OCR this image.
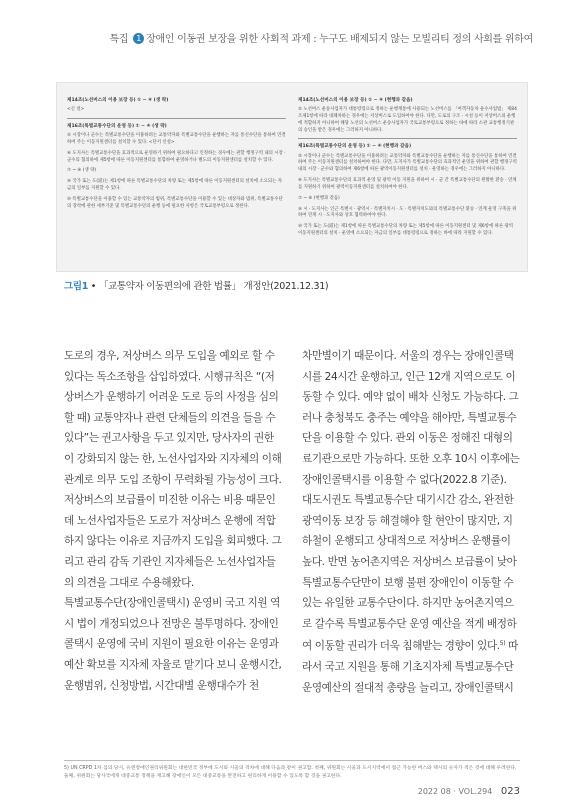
특집 1 장애인 이동권 보장을 위한 사회적 과제 : 누구도 배제되지 않는 모빌리티 정의 사회를 위하여
제14조(노선버스의 이용 보장 등) ① ~ ④ (생 략)
<신 설>
제16조(특별교통수단의 운영 등) ① ~ ④ (생 략)
⑤ 시장이나 군수는 특별교통수단을 이용하려는 교통약자와 특별교통수단을 운행하는 자를 통신수단을 통하여 연결하여 주는 이동지원센터를 설치할 수 있다. <단서 신설>
⑥ 도지사는 특별교통수단을 효과적으로 운영하기 위하여 필요하다고 인정하는 경우에는 관할 행정구역 내의 시장 · 군수의 협의하에 제5항에 따른 이동지원센터를 통합하여 운영하거나 별도의 이동지원센터를 설치할 수 있다.
⑦ ~ ⑧ (생 략)
⑨ 국가 또는 도(道)는 제1항에 따른 특별교통수단의 차량 또는 제5항에 따른 이동지원센터의 설치에 소요되는 자금의 일부를 지원할 수 있다.
⑩ 특별교통수단을 이용할 수 있는 교통약자의 범위, 특별교통수단을 이용할 수 있는 대상자와 범위, 특별교통수단의 장착에 관한 세부기준 및 특별교통수단의 운행 등에 필요한 사항은 국토교통부령으로 정한다.
제14조(노선버스의 이용 보장 등) ① ~ ④ (현행과 같음)
⑤ 노선버스 운송사업자가 대통령령으로 정하는 운행계통에 사용되는 노선버스를 「여객자동차 운수사업법」 제84조제1항에 따라 대폐차하는 경우에는 저상버스로 도입하여야 한다. 다만, 도로의 구조 · 시설 등이 저상버스의 운행에 적합하지 아니하여 해당 노선의 노선버스 운송사업자가 국토교통부령으로 정하는 바에 따라 소관 교통행정기관의 승인을 받은 경우에는 그러하지 아니하다.
제16조(특별교통수단의 운영 등) ① ~ ④ (현행과 같음)
⑤ 시장이나 군수는 특별교통수단을 이용하려는 교통약자와 특별교통수단을 운행하는 자를 통신수단을 통하여 연결하여 주는 이동지원센터를 설치하여야 한다. 다만, 도지사가 특별교통수단의 효과적인 운영을 위하여 관할 행정구역 내의 시장 · 군수와 협의하여 제6항에 따른 광역이동지원센터를 설치 · 운영하는 경우에는 그러하지 아니하다.
⑥ 도지사는 특별교통수단의 효과적 운영 및 광역 이동 지원을 위하여 시 · 군 간 특별교통수단의 원활한 환승 · 연계를 지원하기 위하여 광역이동지원센터를 설치하여야 한다.
⑦ ~ ⑧ (현행과 같음)
⑨ 시 · 도지사는 인근 특별시 · 광역시 · 특별자치시 · 도 · 특별자치도와의 특별교통수단 환승 · 연계 운영 구축을 위하여 연계 시 · 도지사와 상호 협력하여야 한다.
⑩ 국가 또는 도(道)는 제1항에 따른 특별교통수단의 차량 또는 제5항에 따른 이동지원센터 및 제6항에 따른 광역이동지원센터의 설치 · 운영에 소요되는 자금의 일부를 대통령령으로 정하는 바에 따라 지원할 수 있다.
그림1 • 「교통약자 이동편의에 관한 법률」 개정안(2021.12.31)

도로의 경우, 저상버스 의무 도입을 예외로 할 수 있다는 독소조항을 삽입하였다. 시행규칙은 “(저상버스가 운행하기 어려운 도로 등의 사정을 심의할 때) 교통약자나 관련 단체들의 의견을 들을 수 있다”는 권고사항을 두고 있지만, 당사자의 권한이 강화되지 않는 한, 노선사업자와 지자체의 이해관계로 의무 도입 조항이 무력화될 가능성이 크다. 저상버스의 보급률이 미진한 이유는 비용 때문인데 노선사업자들은 도로가 저상버스 운행에 적합하지 않다는 이유로 지금까지 도입을 회피했다. 그리고 관리 감독 기관인 지자체들은 노선사업자들의 의견을 그대로 수용해왔다.

특별교통수단(장애인콜택시) 운영비 국고 지원 역시 법이 개정되었으나 전망은 불투명하다. 장애인콜택시 운영에 국비 지원이 필요한 이유는 운영과 예산 확보를 지자체 자율로 맡기다 보니 운행시간, 운행범위, 신청방법, 시간대별 운행대수가 천

차만별이기 때문이다. 서울의 경우는 장애인콜택시를 24시간 운행하고, 인근 12개 지역으로도 이동할 수 있다. 예약 없이 배차 신청도 가능하다. 그러나 충청북도 충주는 예약을 해야만, 특별교통수단을 이용할 수 있다. 관외 이동은 정해진 대형의료기관으로만 가능하다. 또한 오후 10시 이후에는 장애인콜택시를 이용할 수 없다(2022.8 기준).

대도시권도 특별교통수단 대기시간 감소, 완전한 광역이동 보장 등 해결해야 할 현안이 많지만, 지하철이 운행되고 상대적으로 저상버스 운행률이 높다. 반면 농어촌지역은 저상버스 보급률이 낮아 특별교통수단만이 보행 불편 장애인이 이동할 수 있는 유일한 교통수단이다. 하지만 농어촌지역으로 갈수록 특별교통수단 운영 예산을 적게 배정하여 이동할 권리가 더욱 침해받는 경향이 있다.$^{5)}$ 따라서 국고 지원을 통해 기초지자체 특별교통수단 운영예산의 절대적 총량을 늘리고, 장애인콜택시

5) UN CRPD 1차 심의 당시, 유엔장애인권리위원회는 대한민국 정부에 도시와 시골의 격차에 대해 다음과 같이 권고함. 첫째, 위원회는 시골과 도시지역에서 접근 가능한 버스와 택시의 숫자가 적은 것에 대해 우려한다. 둘째, 위원회는 당사국에게 대중교통 정책을 재고해 장애인이 모든 대중교통을 완전하고 편리하게 이용할 수 있도록 할 것을 권고한다.
2022 08 · VOL.294 023
